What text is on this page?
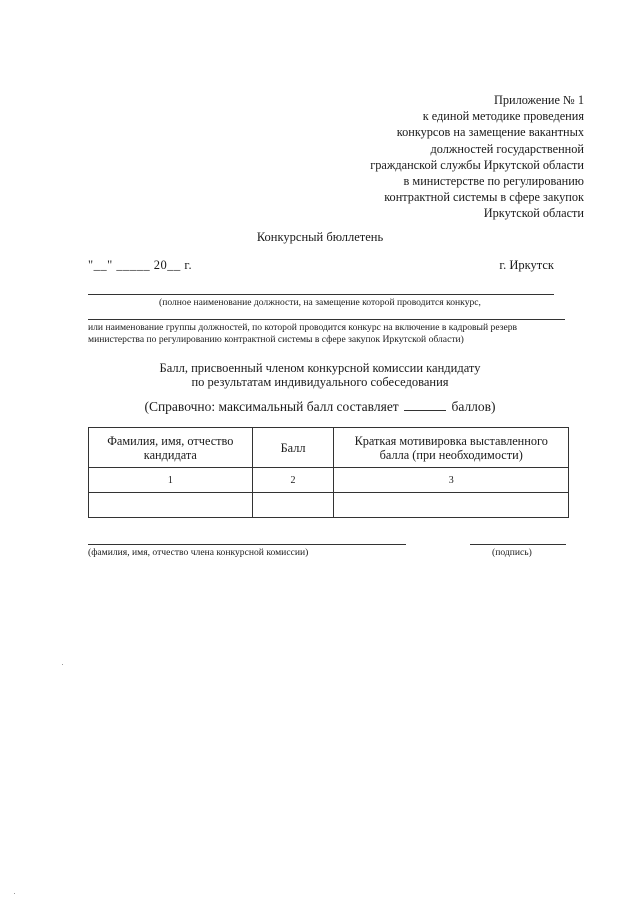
Приложение № 1
к единой методике проведения
конкурсов на замещение вакантных
должностей государственной
гражданской службы Иркутской области
в министерстве по регулированию
контрактной системы в сфере закупок
Иркутской области
Конкурсный бюллетень
"__" _____ 20__ г.	г. Иркутск
(полное наименование должности, на замещение которой проводится конкурс,
или наименование группы должностей, по которой проводится конкурс на включение в кадровый резерв
министерства по регулированию контрактной системы в сфере закупок Иркутской области)
Балл, присвоенный членом конкурсной комиссии кандидату
по результатам индивидуального собеседования
(Справочно: максимальный балл составляет	баллов)
Фамилия, имя, отчество кандидата	Балл	Краткая мотивировка выставленного балла (при необходимости)
1	2	3

(фамилия, имя, отчество члена конкурсной комиссии)	(подпись)
